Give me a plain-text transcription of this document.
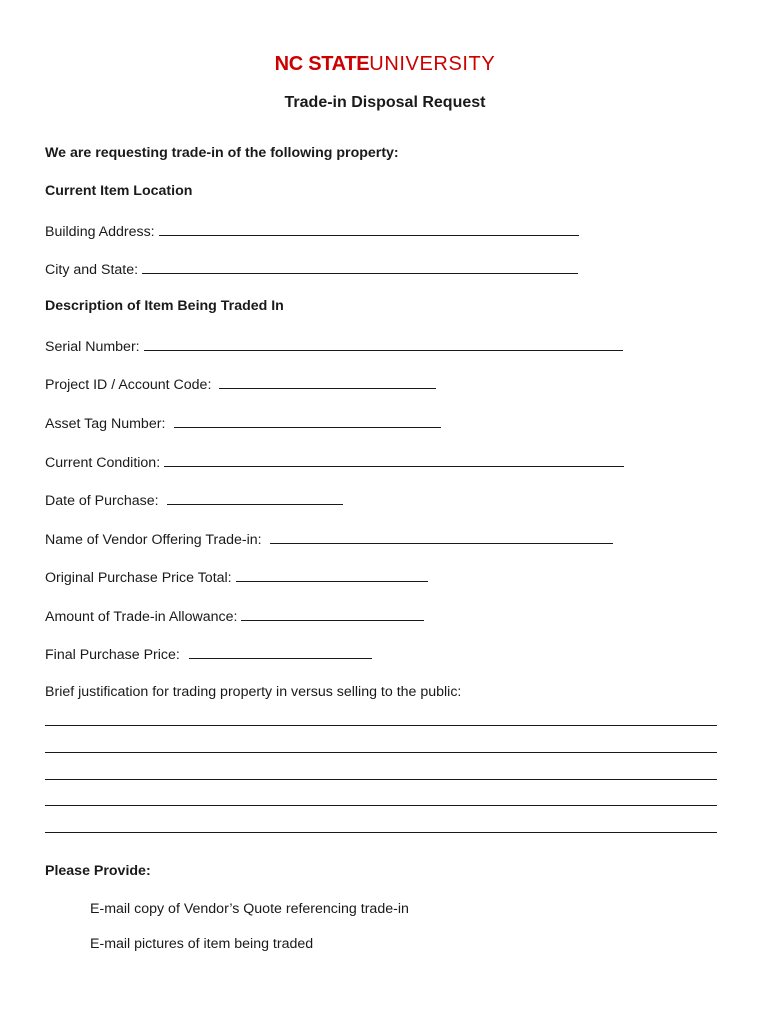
NC STATEUNIVERSITY
Trade-in Disposal Request
We are requesting trade-in of the following property:
Current Item Location
Building Address:
City and State:
Description of Item Being Traded In
Serial Number:
Project ID / Account Code:
Asset Tag Number:
Current Condition:
Date of Purchase:
Name of Vendor Offering Trade-in:
Original Purchase Price Total:
Amount of Trade-in Allowance:
Final Purchase Price:
Brief justification for trading property in versus selling to the public:
Please Provide:
E-mail copy of Vendor’s Quote referencing trade-in
E-mail pictures of item being traded
